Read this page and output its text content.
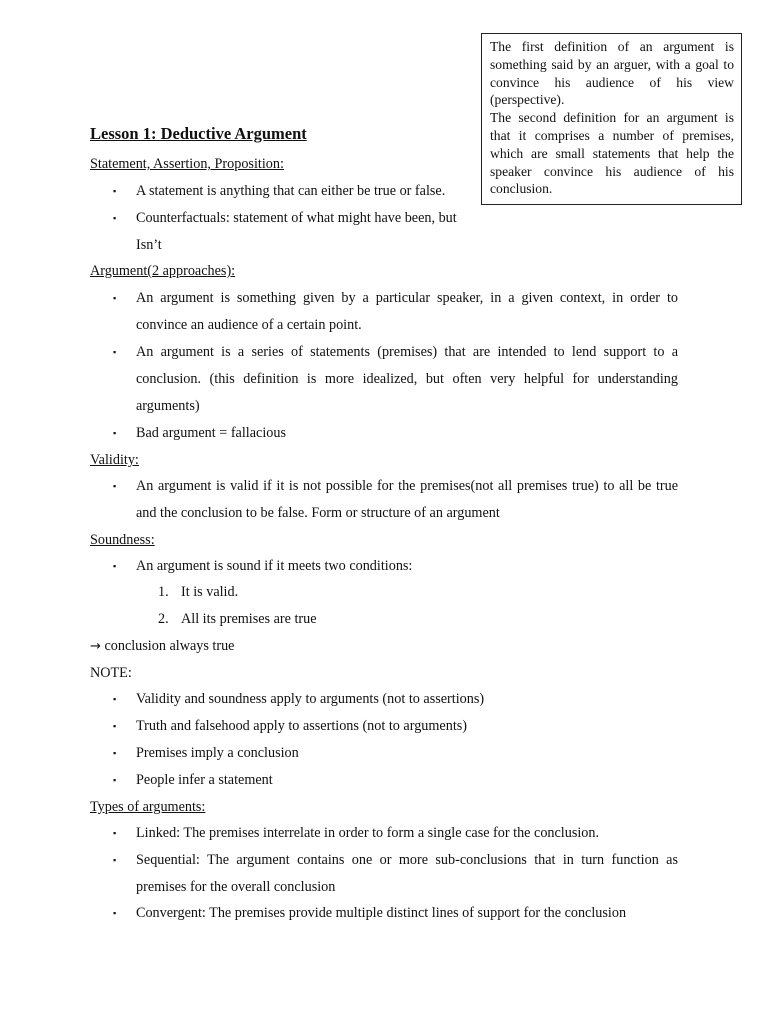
The first definition of an argument is something said by an arguer, with a goal to convince his audience of his view (perspective).

The second definition for an argument is that it comprises a number of premises, which are small statements that help the speaker convince his audience of his conclusion.

Lesson 1: Deductive Argument
Statement, Assertion, Proposition:
▪ A statement is anything that can either be true or false.

▪ Counterfactuals: statement of what might have been, but

Isn’t

Argument(2 approaches):
▪ An argument is something given by a particular speaker, in a given context, in order to convince an audience of a certain point.

▪ An argument is a series of statements (premises) that are intended to lend support to a conclusion. (this definition is more idealized, but often very helpful for understanding arguments)

▪ Bad argument = fallacious

Validity:
▪ An argument is valid if it is not possible for the premises(not all premises true) to all be true and the conclusion to be false. Form or structure of an argument

Soundness:
▪ An argument is sound if it meets two conditions:

1. It is valid.
2. All its premises are true
→ conclusion always true
NOTE:
▪ Validity and soundness apply to arguments (not to assertions)

▪ Truth and falsehood apply to assertions (not to arguments)

▪ Premises imply a conclusion

▪ People infer a statement

Types of arguments:
▪ Linked: The premises interrelate in order to form a single case for the conclusion.

▪ Sequential: The argument contains one or more sub-conclusions that in turn function as premises for the overall conclusion

▪ Convergent: The premises provide multiple distinct lines of support for the conclusion
